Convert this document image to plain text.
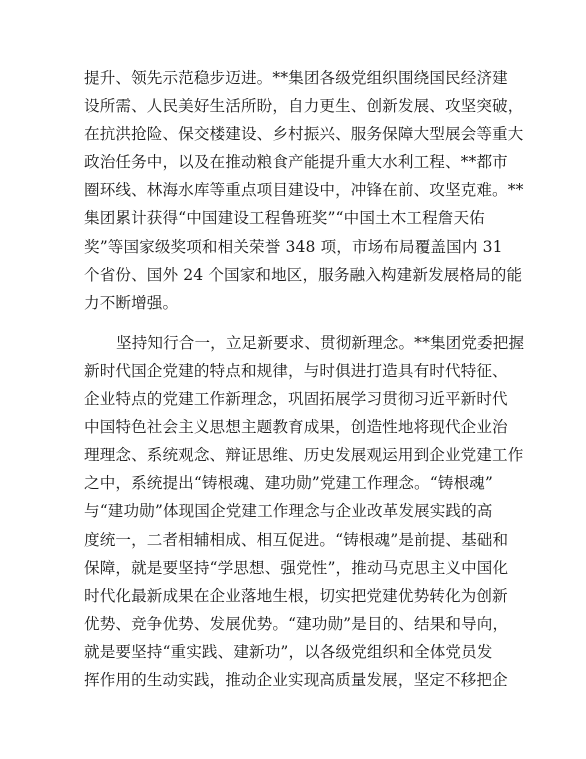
提升、领先示范稳步迈进。**集团各级党组织围绕国民经济建
设所需、人民美好生活所盼，自力更生、创新发展、攻坚突破，
在抗洪抢险、保交楼建设、乡村振兴、服务保障大型展会等重大
政治任务中，以及在推动粮食产能提升重大水利工程、**都市
圈环线、林海水库等重点项目建设中，冲锋在前、攻坚克难。**
集团累计获得“中国建设工程鲁班奖”“中国土木工程詹天佑
奖”等国家级奖项和相关荣誉 348 项，市场布局覆盖国内 31
个省份、国外 24 个国家和地区，服务融入构建新发展格局的能
力不断增强。
坚持知行合一，立足新要求、贯彻新理念。**集团党委把握
新时代国企党建的特点和规律，与时俱进打造具有时代特征、
企业特点的党建工作新理念，巩固拓展学习贯彻习近平新时代
中国特色社会主义思想主题教育成果，创造性地将现代企业治
理理念、系统观念、辩证思维、历史发展观运用到企业党建工作
之中，系统提出“铸根魂、建功勋”党建工作理念。“铸根魂”
与“建功勋”体现国企党建工作理念与企业改革发展实践的高
度统一，二者相辅相成、相互促进。“铸根魂”是前提、基础和
保障，就是要坚持“学思想、强党性”，推动马克思主义中国化
时代化最新成果在企业落地生根，切实把党建优势转化为创新
优势、竞争优势、发展优势。“建功勋”是目的、结果和导向，
就是要坚持“重实践、建新功”，以各级党组织和全体党员发
挥作用的生动实践，推动企业实现高质量发展，坚定不移把企
